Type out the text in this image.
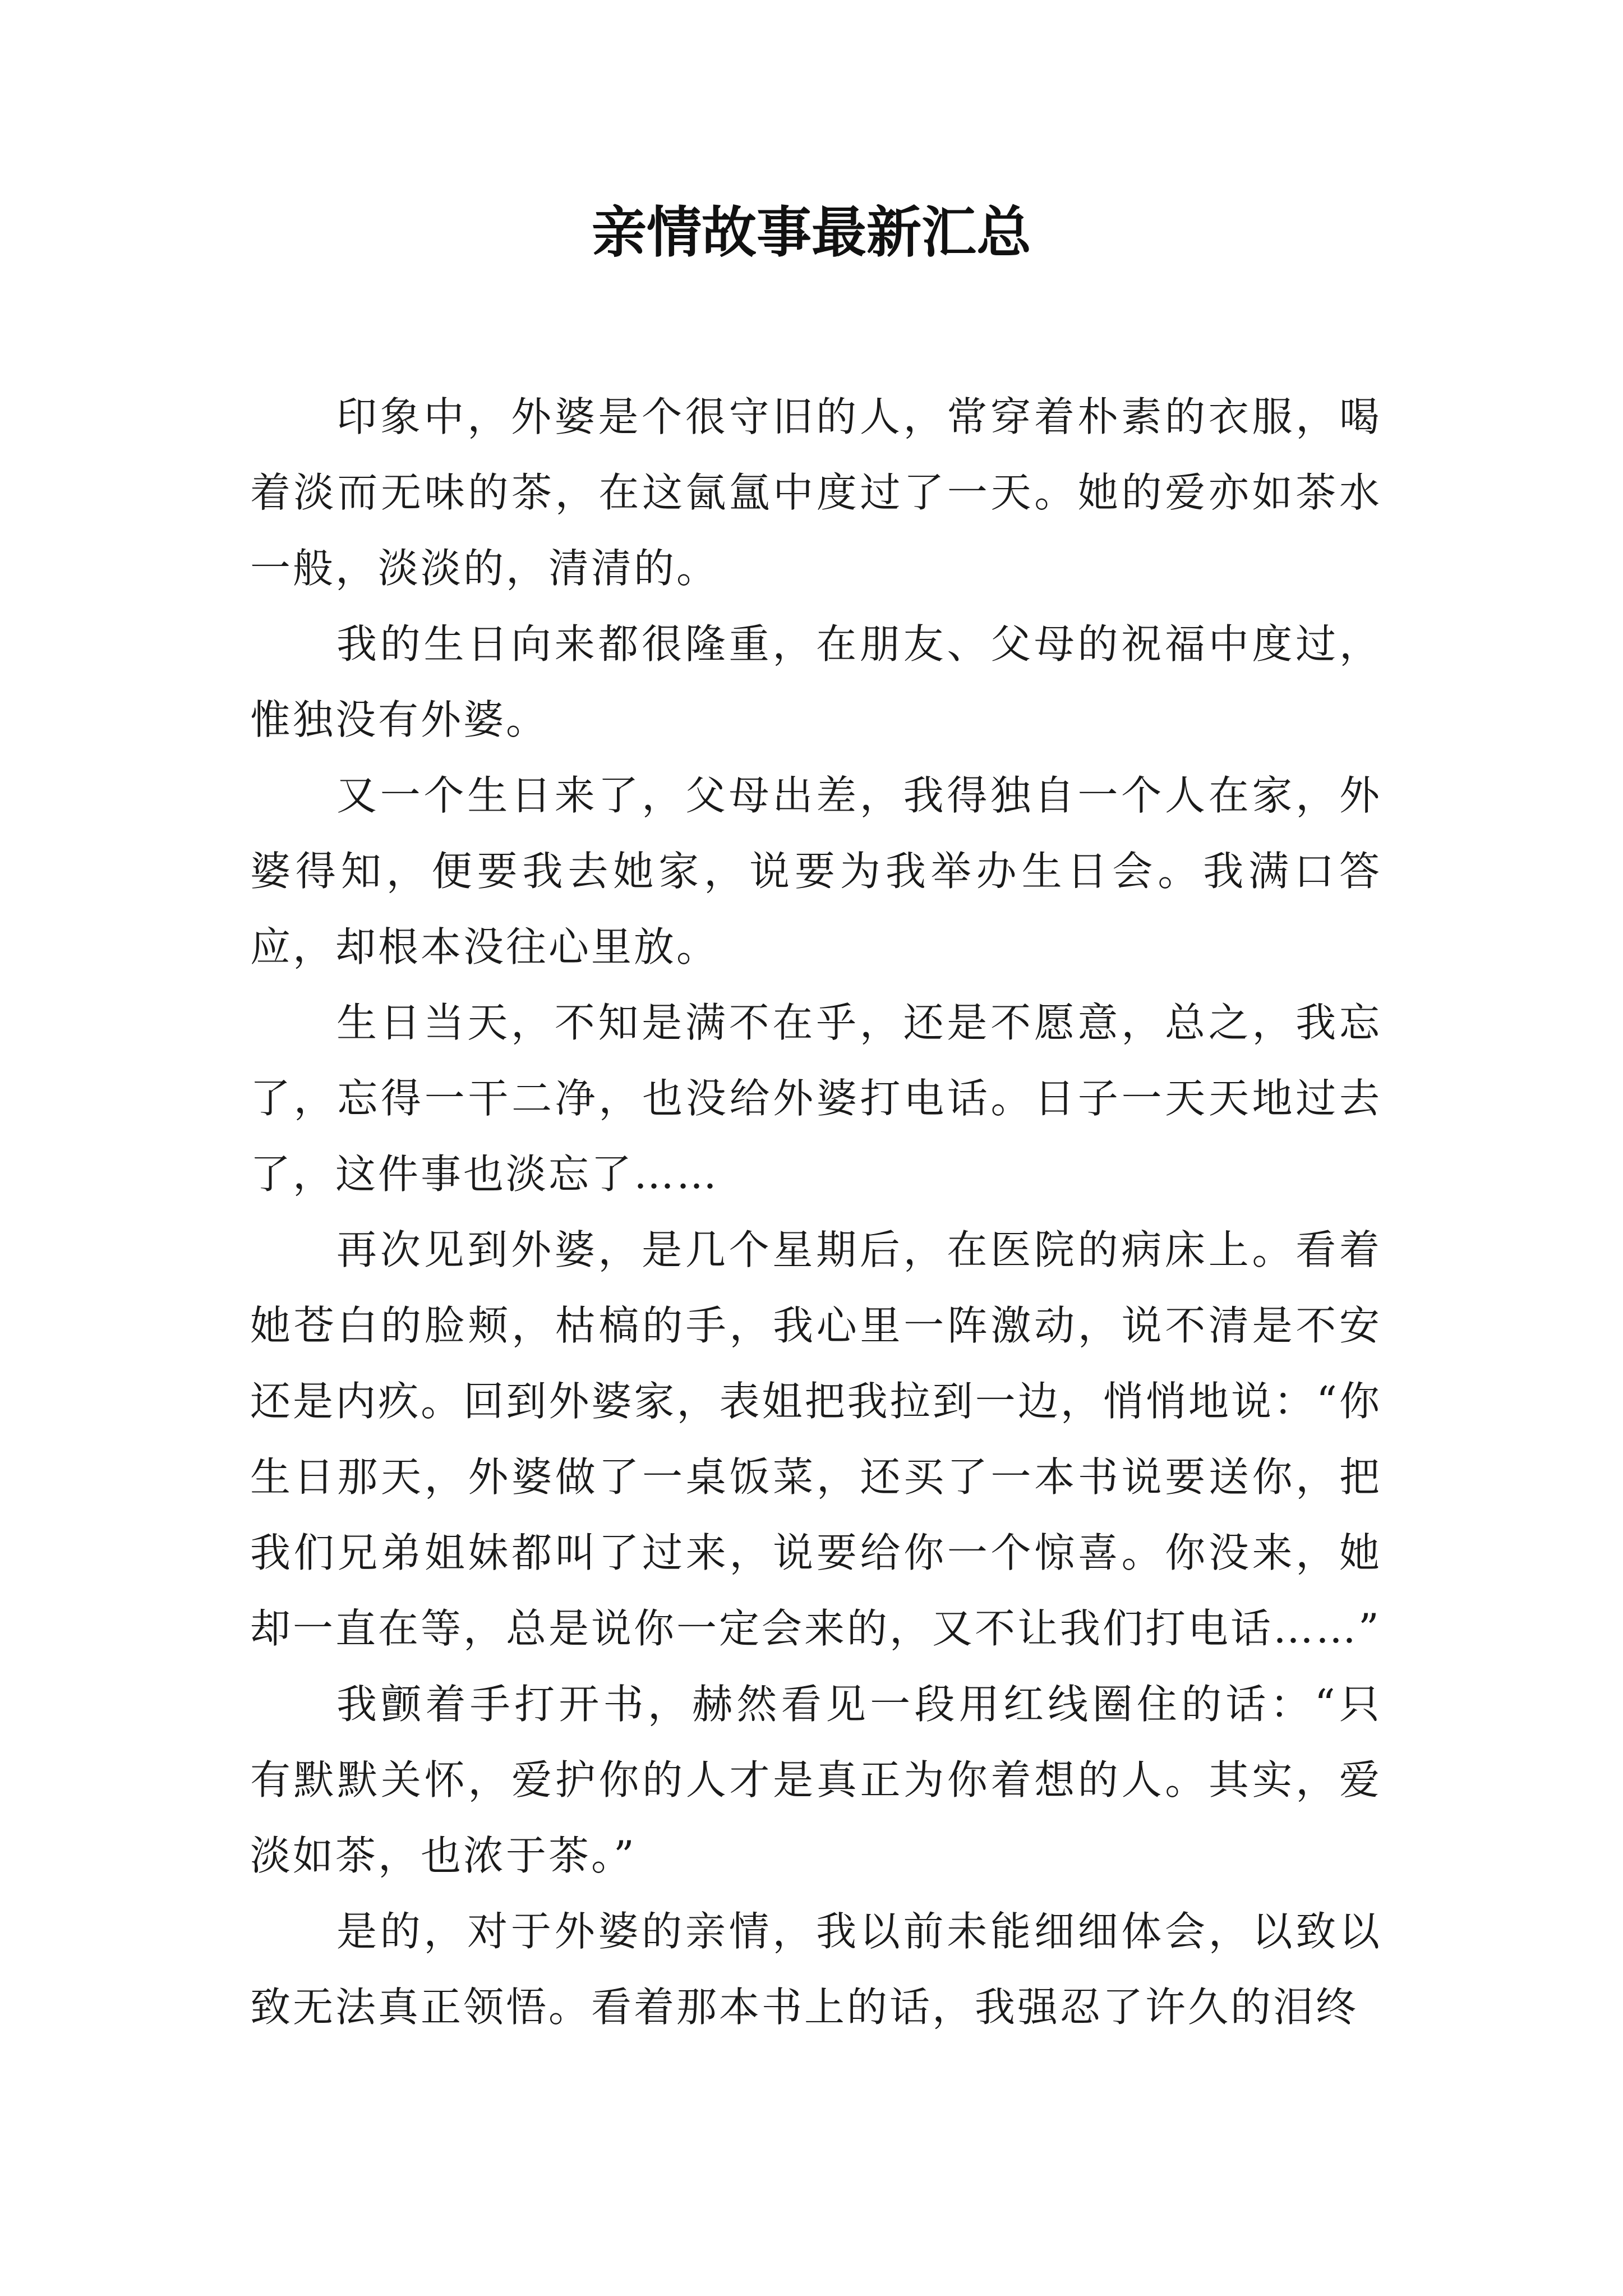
亲情故事最新汇总

印象中，外婆是个很守旧的人，常穿着朴素的衣服，喝着淡而无味的茶，在这氤氲中度过了一天。她的爱亦如茶水一般，淡淡的，清清的。

我的生日向来都很隆重，在朋友、父母的祝福中度过，惟独没有外婆。

又一个生日来了，父母出差，我得独自一个人在家，外婆得知，便要我去她家，说要为我举办生日会。我满口答应，却根本没往心里放。

生日当天，不知是满不在乎，还是不愿意，总之，我忘了，忘得一干二净，也没给外婆打电话。日子一天天地过去了，这件事也淡忘了……

再次见到外婆，是几个星期后，在医院的病床上。看着她苍白的脸颊，枯槁的手，我心里一阵激动，说不清是不安还是内疚。回到外婆家，表姐把我拉到一边，悄悄地说：“你生日那天，外婆做了一桌饭菜，还买了一本书说要送你，把我们兄弟姐妹都叫了过来，说要给你一个惊喜。你没来，她却一直在等，总是说你一定会来的，又不让我们打电话……”

我颤着手打开书，赫然看见一段用红线圈住的话：“只有默默关怀，爱护你的人才是真正为你着想的人。其实，爱淡如茶，也浓于茶。”

是的，对于外婆的亲情，我以前未能细细体会，以致以致无法真正领悟。看着那本书上的话，我强忍了许久的泪终
